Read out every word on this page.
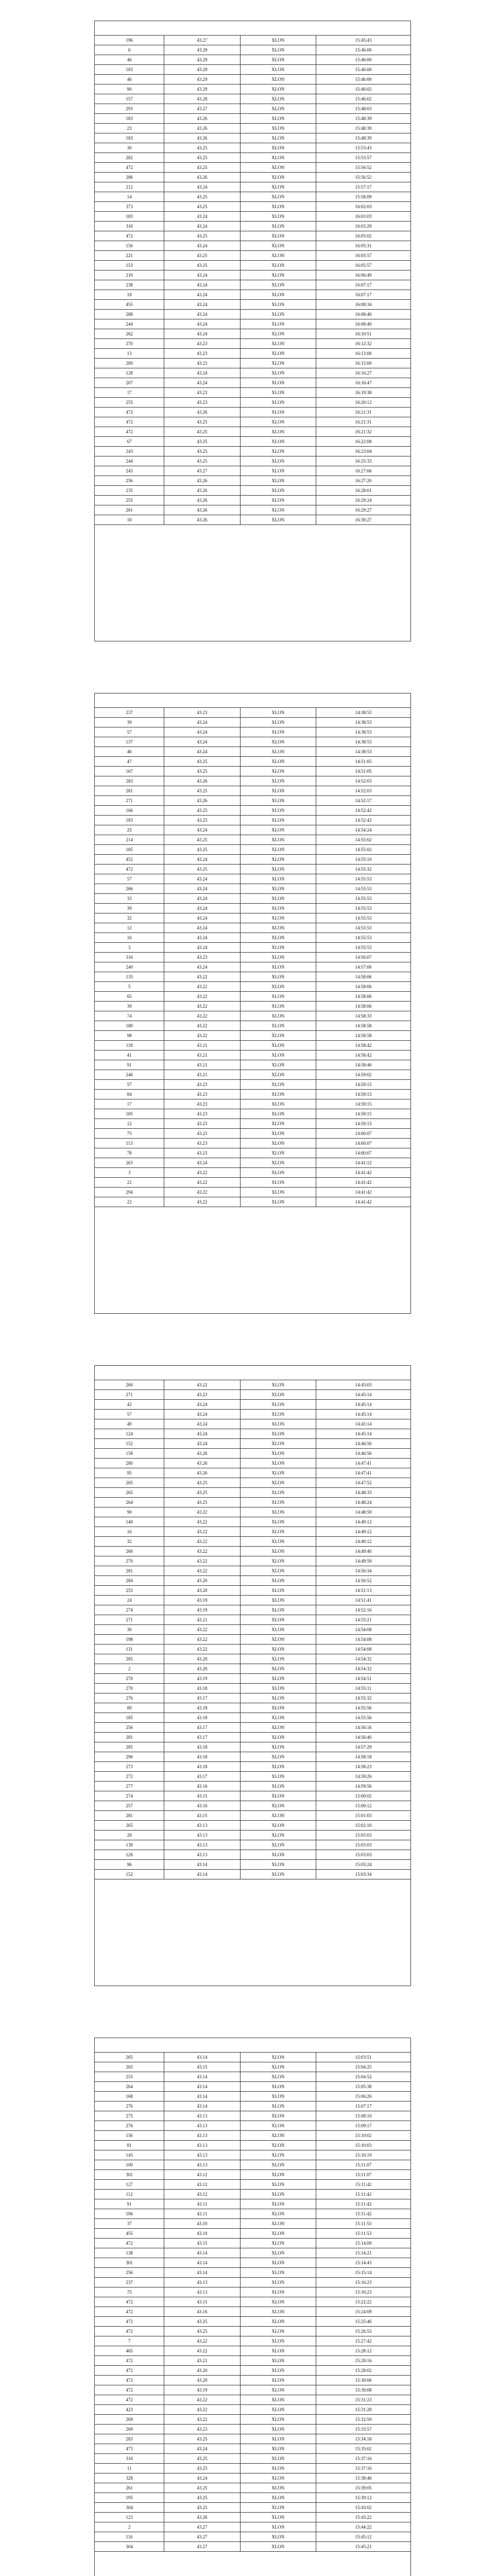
196	43.27	XLON	15:45:43
6	43.29	XLON	15:46:00
46	43.29	XLON	15:46:00
183	43.29	XLON	15:46:00
46	43.29	XLON	15:46:00
90	43.29	XLON	15:46:02
157	43.28	XLON	15:46:02
293	43.27	XLON	15:48:03
183	43.26	XLON	15:48:39
23	43.26	XLON	15:48:39
183	43.26	XLON	15:48:39
30	43.25	XLON	15:53:43
282	43.25	XLON	15:53:57
472	43.25	XLON	15:56:52
286	43.26	XLON	15:56:52
212	43.24	XLON	15:57:17
14	43.25	XLON	15:58:09
373	43.25	XLON	16:02:03
183	43.24	XLON	16:03:03
316	43.24	XLON	16:03:29
472	43.25	XLON	16:05:02
156	43.24	XLON	16:05:31
221	43.25	XLON	16:05:57
153	43.25	XLON	16:05:57
210	43.24	XLON	16:06:49
238	43.24	XLON	16:07:17
18	43.24	XLON	16:07:17
455	43.24	XLON	16:08:34
288	43.24	XLON	16:08:40
244	43.24	XLON	16:08:40
262	43.24	XLON	16:10:51
270	43.23	XLON	16:12:32
13	43.23	XLON	16:13:00
289	43.23	XLON	16:15:00
128	43.24	XLON	16:16:27
207	43.24	XLON	16:16:47
17	43.23	XLON	16:19:38
255	43.23	XLON	16:20:12
472	43.26	XLON	16:21:31
472	43.25	XLON	16:21:31
472	43.25	XLON	16:21:32
67	43.25	XLON	16:22:08
243	43.25	XLON	16:23:04
244	43.25	XLON	16:25:33
245	43.27	XLON	16:27:06
256	43.26	XLON	16:27:20
235	43.26	XLON	16:28:01
255	43.26	XLON	16:29:24
261	43.26	XLON	16:29:27
10	43.26	XLON	16:30:27
237	43.23	XLON	14:38:53
39	43.24	XLON	14:38:53
57	43.24	XLON	14:38:53
137	43.24	XLON	14:38:53
46	43.24	XLON	14:38:53
47	43.25	XLON	14:51:05
167	43.25	XLON	14:51:05
283	43.26	XLON	14:52:03
281	43.25	XLON	14:52:03
271	43.26	XLON	14:52:17
166	43.25	XLON	14:52:42
183	43.25	XLON	14:52:42
25	43.24	XLON	14:54:24
214	43.25	XLON	14:55:02
185	43.25	XLON	14:55:02
452	43.24	XLON	14:55:10
472	43.25	XLON	14:55:32
57	43.24	XLON	14:55:53
266	43.24	XLON	14:55:53
33	43.24	XLON	14:55:53
39	43.24	XLON	14:55:53
32	43.24	XLON	14:55:53
12	43.24	XLON	14:55:53
16	43.24	XLON	14:55:53
3	43.24	XLON	14:55:53
316	43.23	XLON	14:56:07
240	43.24	XLON	14:57:00
135	43.22	XLON	14:58:06
5	43.22	XLON	14:58:06
65	43.22	XLON	14:58:06
39	43.22	XLON	14:58:06
74	43.22	XLON	14:58:33
180	43.22	XLON	14:58:58
98	43.22	XLON	14:58:58
118	43.21	XLON	14:58:42
41	43.21	XLON	14:58:42
91	43.21	XLON	14:58:46
246	43.21	XLON	14:59:02
57	43.23	XLON	14:59:15
84	43.23	XLON	14:59:15
17	43.23	XLON	14:59:15
185	43.23	XLON	14:59:15
12	43.23	XLON	14:59:15
75	43.23	XLON	14:60:07
113	43.23	XLON	14:60:07
78	43.23	XLON	14:60:07
263	43.24	XLON	14:41:12
3	43.22	XLON	14:41:42
22	43.22	XLON	14:41:42
294	43.22	XLON	14:41:42
22	43.22	XLON	14:41:42
260	43.22	XLON	14:43:03
271	43.23	XLON	14:45:14
42	43.24	XLON	14:45:14
57	43.24	XLON	14:45:14
49	43.24	XLON	14:45:14
124	43.24	XLON	14:45:14
152	43.24	XLON	14:46:56
158	43.26	XLON	14:46:56
280	43.26	XLON	14:47:41
95	43.26	XLON	14:47:41
265	43.25	XLON	14:47:52
265	43.25	XLON	14:48:33
264	43.25	XLON	14:48:24
90	43.22	XLON	14:48:59
140	43.22	XLON	14:49:12
16	43.22	XLON	14:49:12
32	43.22	XLON	14:49:12
260	43.22	XLON	14:49:40
270	43.22	XLON	14:49:59
281	43.22	XLON	14:50:34
284	43.20	XLON	14:50:52
253	43.20	XLON	14:51:13
24	43.19	XLON	14:51:41
274	43.19	XLON	14:52:16
271	43.21	XLON	14:53:21
30	43.22	XLON	14:54:08
198	43.22	XLON	14:54:08
131	43.22	XLON	14:54:08
285	43.20	XLON	14:54:32
2	43.20	XLON	14:54:32
270	43.19	XLON	14:54:51
270	43.18	XLON	14:55:11
276	43.17	XLON	14:55:32
89	43.18	XLON	14:55:56
185	43.18	XLON	14:55:56
256	43.17	XLON	14:56:16
281	43.17	XLON	14:56:40
285	43.18	XLON	14:57:29
296	43.18	XLON	14:58:18
273	43.18	XLON	14:58:23
272	43.17	XLON	14:59:26
277	43.16	XLON	14:59:56
274	43.15	XLON	15:00:02
257	43.16	XLON	15:00:12
281	43.15	XLON	15:01:03
265	43.13	XLON	15:02:10
28	43.13	XLON	15:03:03
139	43.13	XLON	15:03:03
126	43.13	XLON	15:03:03
96	43.14	XLON	15:03:24
152	43.14	XLON	15:03:34
265	43.14	XLON	15:03:51
265	43.15	XLON	15:04:25
255	43.14	XLON	15:04:52
264	43.14	XLON	15:05:38
168	43.14	XLON	15:06:26
276	43.14	XLON	15:07:17
275	43.13	XLON	15:08:10
276	43.13	XLON	15:09:17
156	43.13	XLON	15:10:02
81	43.13	XLON	15:10:03
145	43.13	XLON	15:10:19
100	43.13	XLON	15:11:07
301	43.12	XLON	15:11:07
127	43.12	XLON	15:11:42
112	43.12	XLON	15:11:42
91	43.11	XLON	15:11:42
196	43.11	XLON	15:11:42
37	43.10	XLON	15:11:53
455	43.10	XLON	15:11:53
472	43.15	XLON	15:14:09
138	43.14	XLON	15:14:21
301	43.14	XLON	15:14:43
256	43.14	XLON	15:15:14
237	43.13	XLON	15:16:23
75	43.13	XLON	15:16:23
472	43.15	XLON	15:22:22
472	43.16	XLON	15:24:09
472	43.25	XLON	15:25:46
472	43.25	XLON	15:26:55
7	43.22	XLON	15:27:42
465	43.22	XLON	15:28:12
472	43.21	XLON	15:28:16
472	43.20	XLON	15:28:02
472	43.20	XLON	15:30:06
472	43.19	XLON	15:30:08
472	43.22	XLON	15:31:23
423	43.22	XLON	15:31:28
269	43.22	XLON	15:32:59
269	43.23	XLON	15:33:57
283	43.25	XLON	15:34:18
473	43.24	XLON	15:35:02
316	43.25	XLON	15:37:16
11	43.25	XLON	15:37:16
328	43.24	XLON	15:38:46
261	43.25	XLON	15:39:05
195	43.25	XLON	15:39:12
304	43.25	XLON	15:43:02
123	43.26	XLON	15:43:22
2	43.27	XLON	15:44:22
116	43.27	XLON	15:45:12
304	43.27	XLON	15:45:21
